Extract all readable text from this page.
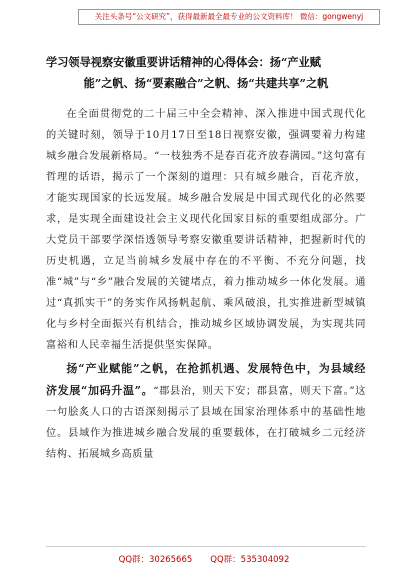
关注头条号“公文研究”，获得最新最全最专业的公文资料库！ 微信：gongwenyj
学习领导视察安徽重要讲话精神的心得体会：扬“产业赋
能”之帆、扬“要素融合”之帆、扬“共建共享”之帆

在全面贯彻党的二十届三中全会精神、深入推进中国式现代化的关键时刻，领导于10月17日至18日视察安徽，强调要着力构建城乡融合发展新格局。“一枝独秀不是春百花齐放春满园。”这句富有哲理的话语，揭示了一个深刻的道理：只有城乡融合，百花齐放，才能实现国家的长远发展。城乡融合发展是中国式现代化的必然要求，是实现全面建设社会主义现代化国家目标的重要组成部分。广大党员干部要学深悟透领导考察安徽重要讲话精神，把握新时代的历史机遇，立足当前城乡发展中存在的不平衡、不充分问题，找准“城”与“乡”融合发展的关键堵点，着力推动城乡一体化发展。通过“真抓实干”的务实作风扬帆起航、乘风破浪，扎实推进新型城镇化与乡村全面振兴有机结合，推动城乡区域协调发展，为实现共同富裕和人民幸福生活提供坚实保障。

扬“产业赋能”之帆，在抢抓机遇、发展特色中，为县域经济发展“加码升温”。“郡县治，则天下安；郡县富，则天下富。”这一句脍炙人口的古语深刻揭示了县域在国家治理体系中的基础性地位。县域作为推进城乡融合发展的重要载体，在打破城乡二元经济结构、拓展城乡高质量

QQ群：30265665 QQ群：535304092
